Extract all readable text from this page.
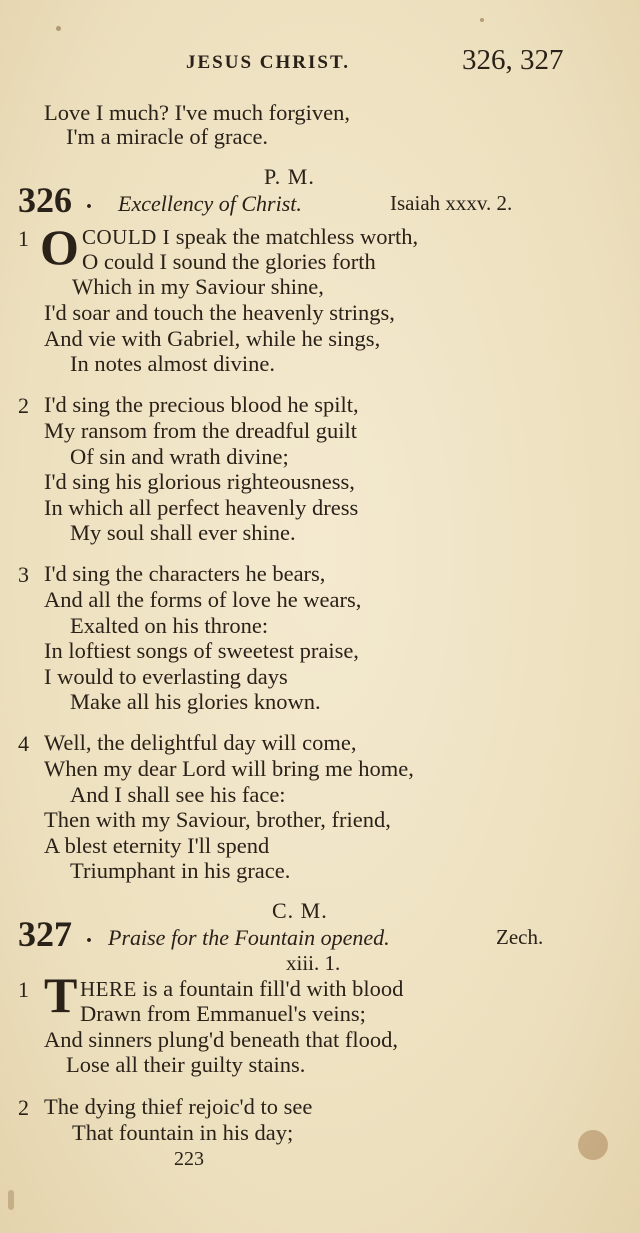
JESUS CHRIST.	326, 327
Love I much? I've much forgiven,
I'm a miracle of grace.
P. M.
326 . Excellency of Christ.	Isaiah xxxv. 2.
1 O COULD I speak the matchless worth,
O could I sound the glories forth
Which in my Saviour shine,
I'd soar and touch the heavenly strings,
And vie with Gabriel, while he sings,
In notes almost divine.
2 I'd sing the precious blood he spilt,
My ransom from the dreadful guilt
Of sin and wrath divine;
I'd sing his glorious righteousness,
In which all perfect heavenly dress
My soul shall ever shine.
3 I'd sing the characters he bears,
And all the forms of love he wears,
Exalted on his throne:
In loftiest songs of sweetest praise,
I would to everlasting days
Make all his glories known.
4 Well, the delightful day will come,
When my dear Lord will bring me home,
And I shall see his face:
Then with my Saviour, brother, friend,
A blest eternity I'll spend
Triumphant in his grace.
C. M.
327 . Praise for the Fountain opened.	Zech.
xiii. 1.
1 T HERE is a fountain fill'd with blood
Drawn from Emmanuel's veins;
And sinners plung'd beneath that flood,
Lose all their guilty stains.
2 The dying thief rejoic'd to see
That fountain in his day;
223
